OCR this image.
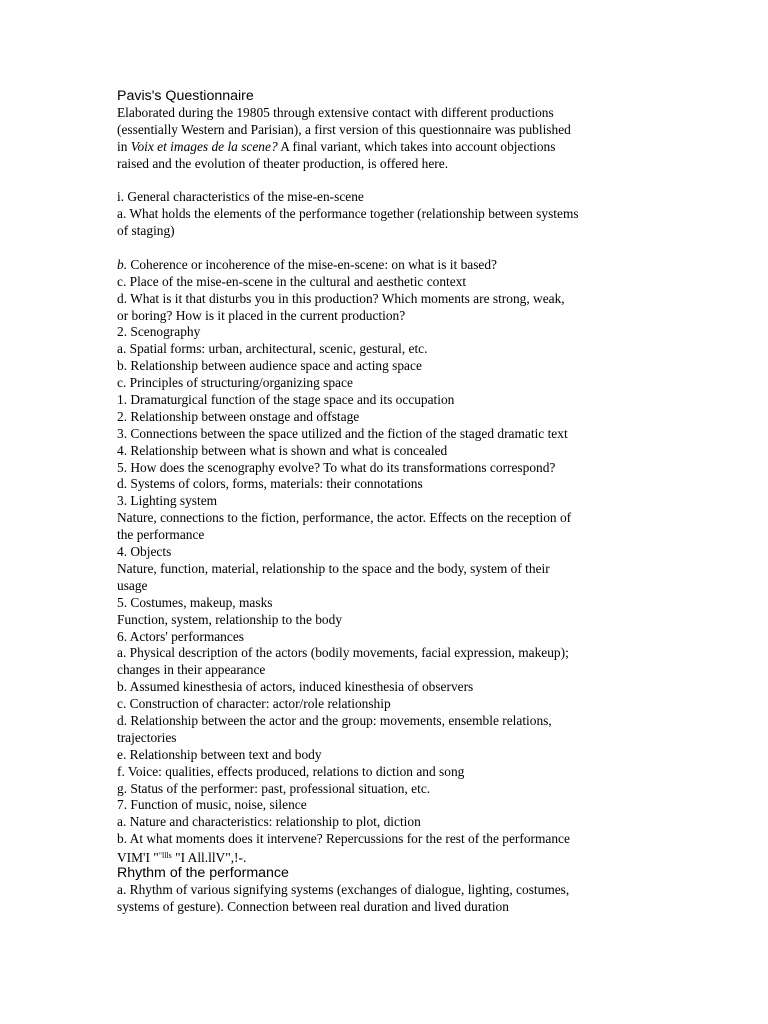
Pavis's Questionnaire
Elaborated during the 19805 through extensive contact with different productions
(essentially Western and Parisian), a first version of this questionnaire was published
in Voix et images de la scene? A final variant, which takes into account objections
raised and the evolution of theater production, is offered here.
i. General characteristics of the mise-en-scene
a. What holds the elements of the performance together (relationship between systems
of staging)
b. Coherence or incoherence of the mise-en-scene: on what is it based?
c. Place of the mise-en-scene in the cultural and aesthetic context
d. What is it that disturbs you in this production? Which moments are strong, weak,
or boring? How is it placed in the current production?
2. Scenography
a. Spatial forms: urban, architectural, scenic, gestural, etc.
b. Relationship between audience space and acting space
c. Principles of structuring/organizing space
1. Dramaturgical function of the stage space and its occupation
2. Relationship between onstage and offstage
3. Connections between the space utilized and the fiction of the staged dramatic text
4. Relationship between what is shown and what is concealed
5. How does the scenography evolve? To what do its transformations correspond?
d. Systems of colors, forms, materials: their connotations
3. Lighting system
Nature, connections to the fiction, performance, the actor. Effects on the reception of
the performance
4. Objects
Nature, function, material, relationship to the space and the body, system of their
usage
5. Costumes, makeup, masks
Function, system, relationship to the body
6. Actors' performances
a. Physical description of the actors (bodily movements, facial expression, makeup);
changes in their appearance
b. Assumed kinesthesia of actors, induced kinesthesia of observers
c. Construction of character: actor/role relationship
d. Relationship between the actor and the group: movements, ensemble relations,
trajectories
e. Relationship between text and body
f. Voice: qualities, effects produced, relations to diction and song
g. Status of the performer: past, professional situation, etc.
7. Function of music, noise, silence
a. Nature and characteristics: relationship to plot, diction
b. At what moments does it intervene? Repercussions for the rest of the performance
VIM'I "$^{"llls}$ "I All.llV",!-.
Rhythm of the performance
a. Rhythm of various signifying systems (exchanges of dialogue, lighting, costumes,
systems of gesture). Connection between real duration and lived duration
